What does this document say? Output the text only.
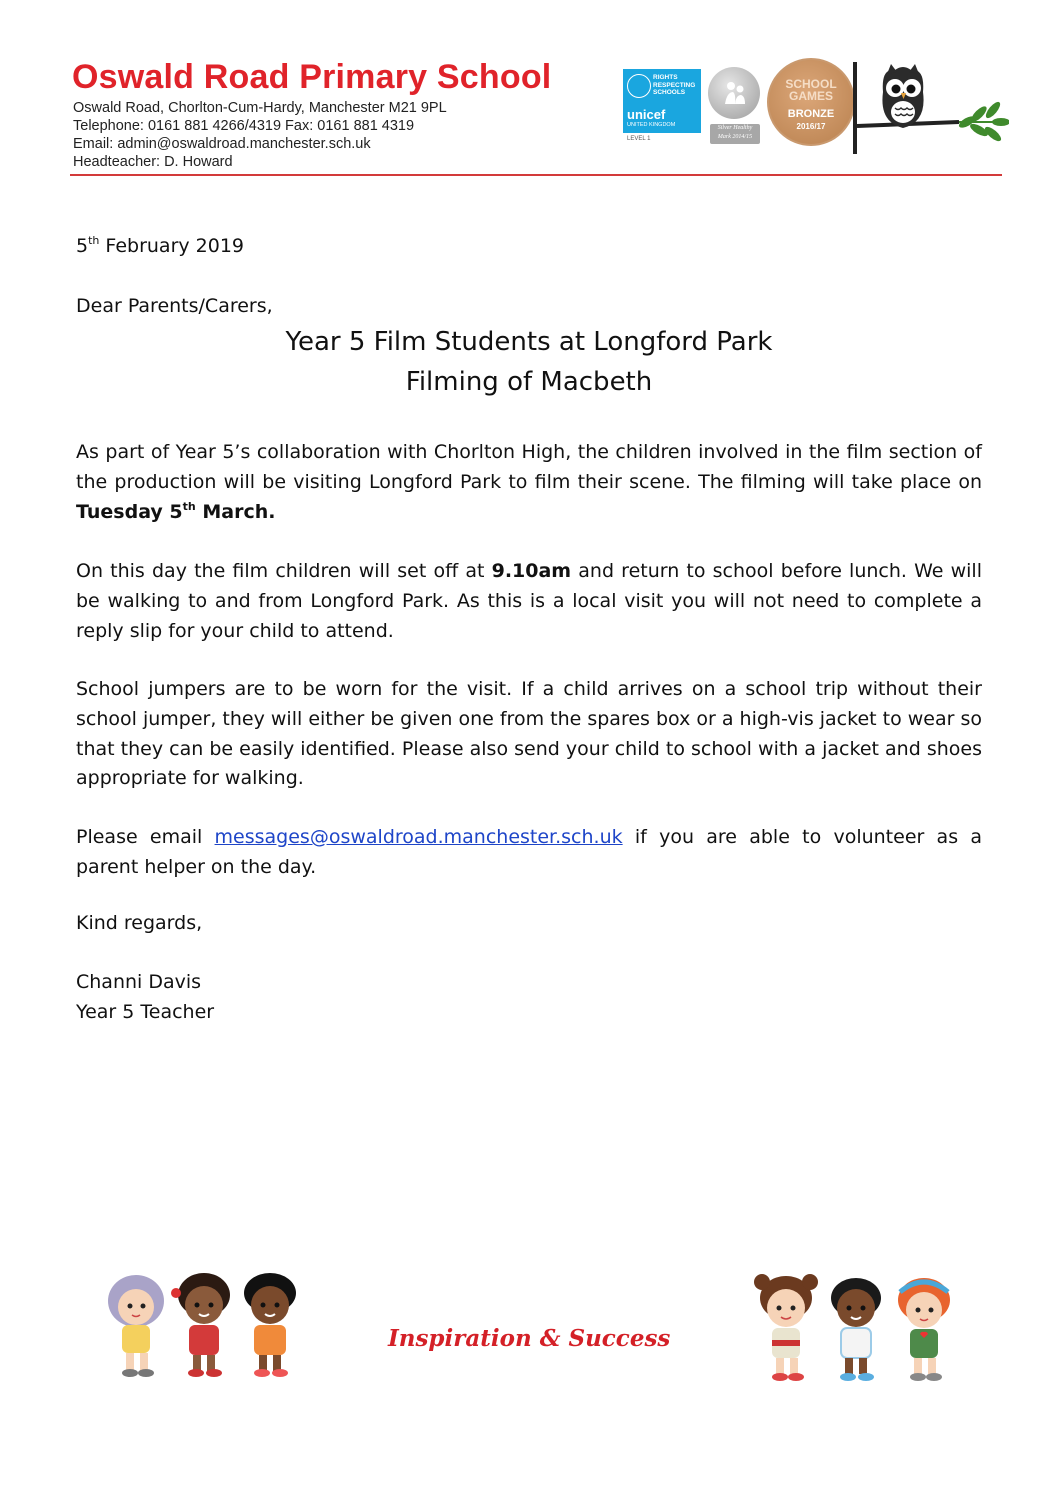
Oswald Road Primary School
Oswald Road, Chorlton-Cum-Hardy, Manchester M21 9PL
Telephone: 0161 881 4266/4319 Fax: 0161 881 4319
Email: admin@oswaldroad.manchester.sch.uk
Headteacher: D. Howard
RIGHTS
RESPECTING
SCHOOLS
unicef
UNITED KINGDOM
LEVEL 1
Silver Healthy
Mark 2014/15
SCHOOL
GAMES
BRONZE
2016/17
5th February 2019
Dear Parents/Carers,
Year 5 Film Students at Longford Park
Filming of Macbeth

As part of Year 5’s collaboration with Chorlton High, the children involved in the film section of the production will be visiting Longford Park to film their scene. The filming will take place on Tuesday 5th March.

On this day the film children will set off at 9.10am and return to school before lunch. We will be walking to and from Longford Park. As this is a local visit you will not need to complete a reply slip for your child to attend.

School jumpers are to be worn for the visit. If a child arrives on a school trip without their school jumper, they will either be given one from the spares box or a high-vis jacket to wear so that they can be easily identified. Please also send your child to school with a jacket and shoes appropriate for walking.

Please email messages@oswaldroad.manchester.sch.uk if you are able to volunteer as a parent helper on the day.

Kind regards,
Channi Davis
Year 5 Teacher
Inspiration & Success
